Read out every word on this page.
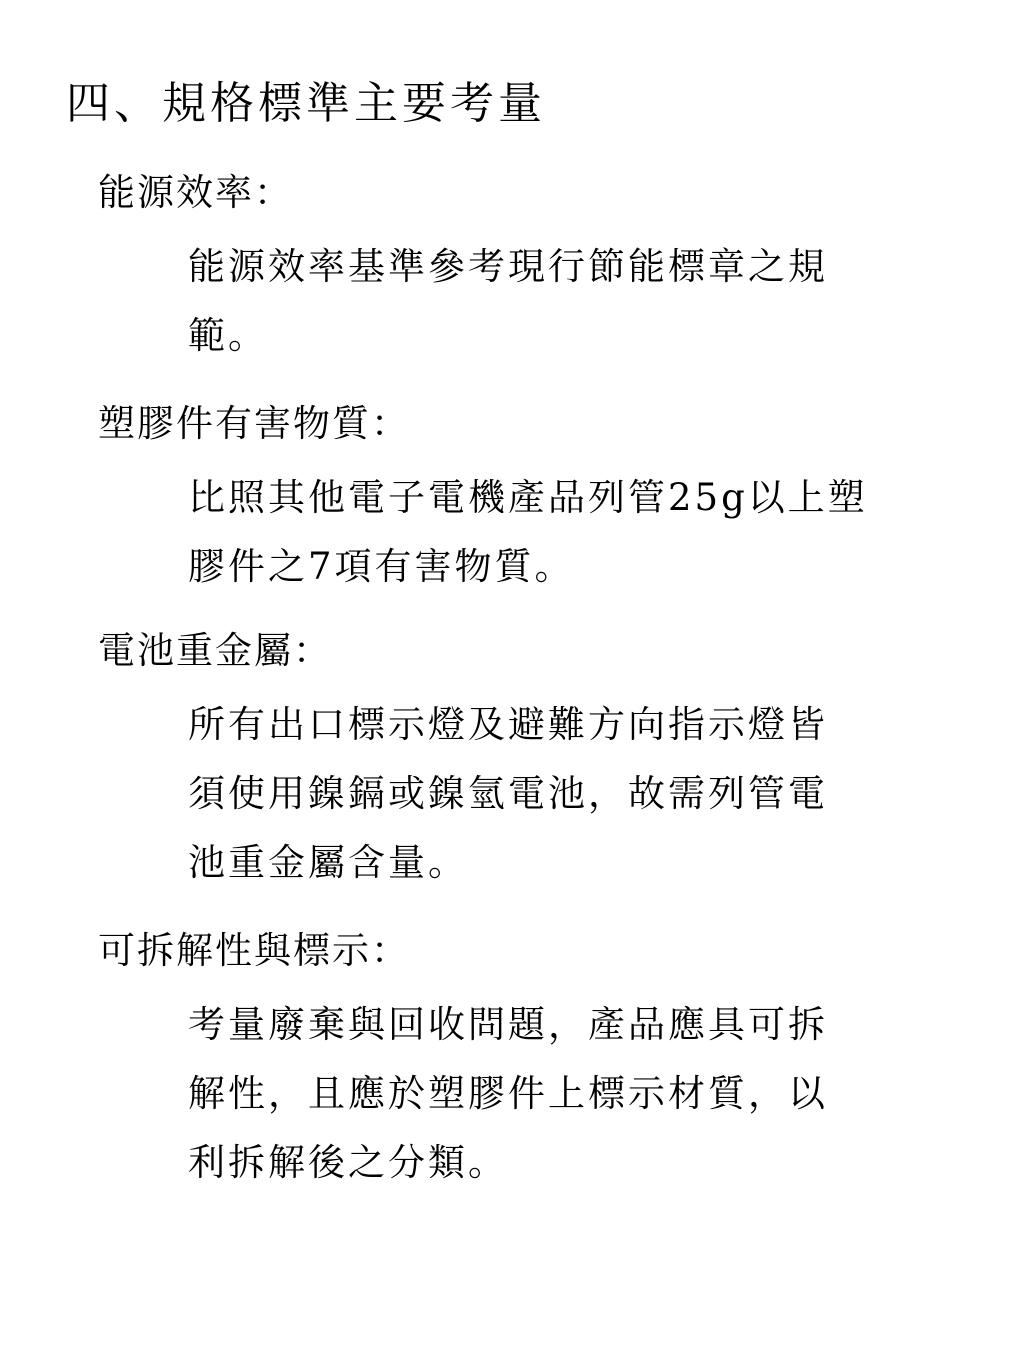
四、規格標準主要考量
能源效率：
能源效率基準參考現行節能標章之規
範。
塑膠件有害物質：
比照其他電子電機產品列管25g以上塑
膠件之7項有害物質。
電池重金屬：
所有出口標示燈及避難方向指示燈皆
須使用鎳鎘或鎳氫電池，故需列管電
池重金屬含量。
可拆解性與標示：
考量廢棄與回收問題，產品應具可拆
解性，且應於塑膠件上標示材質，以
利拆解後之分類。
